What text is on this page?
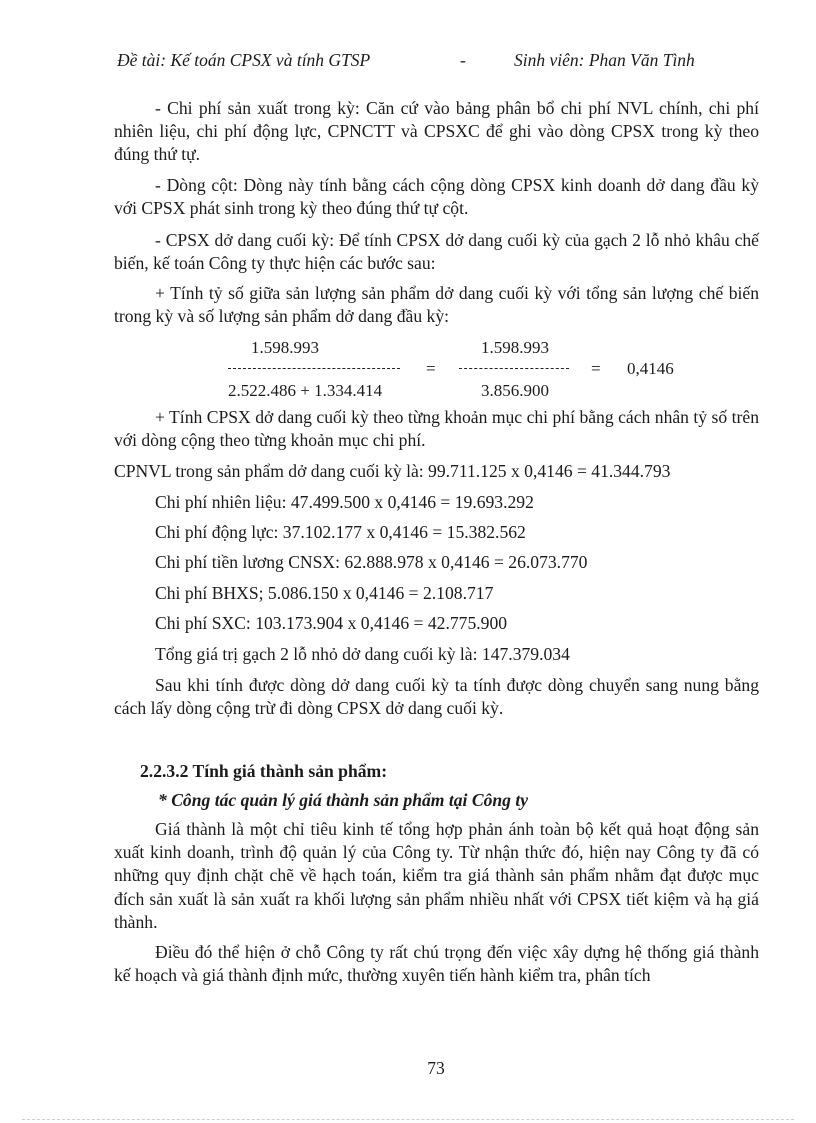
Đề tài: Kế toán CPSX và tính GTSP	-	Sinh viên: Phan Văn Tình

- Chi phí sản xuất trong kỳ: Căn cứ vào bảng phân bổ chi phí NVL chính, chi phí nhiên liệu, chi phí động lực, CPNCTT và CPSXC để ghi vào dòng CPSX trong kỳ theo đúng thứ tự.

- Dòng cột: Dòng này tính bằng cách cộng dòng CPSX kinh doanh dở dang đầu kỳ với CPSX phát sinh trong kỳ theo đúng thứ tự cột.

- CPSX dở dang cuối kỳ: Để tính CPSX dở dang cuối kỳ của gạch 2 lỗ nhỏ khâu chế biến, kế toán Công ty thực hiện các bước sau:

+ Tính tỷ số giữa sản lượng sản phẩm dở dang cuối kỳ với tổng sản lượng chế biến trong kỳ và số lượng sản phẩm dở dang đầu kỳ:

1.598.993
2.522.486 + 1.334.414
=
1.598.993
3.856.900
= 0,4146

+ Tính CPSX dở dang cuối kỳ theo từng khoản mục chi phí bằng cách nhân tỷ số trên với dòng cộng theo từng khoản mục chi phí.

CPNVL trong sản phẩm dở dang cuối kỳ là: 99.711.125 x 0,4146 = 41.344.793
Chi phí nhiên liệu: 47.499.500 x 0,4146 = 19.693.292
Chi phí động lực: 37.102.177 x 0,4146 = 15.382.562
Chi phí tiền lương CNSX: 62.888.978 x 0,4146 = 26.073.770
Chi phí BHXS; 5.086.150 x 0,4146 = 2.108.717
Chi phí SXC: 103.173.904 x 0,4146 = 42.775.900
Tổng giá trị gạch 2 lỗ nhỏ dở dang cuối kỳ là: 147.379.034

Sau khi tính được dòng dở dang cuối kỳ ta tính được dòng chuyển sang nung bằng cách lấy dòng cộng trừ đi dòng CPSX dở dang cuối kỳ.

2.2.3.2 Tính giá thành sản phẩm:
* Công tác quản lý giá thành sản phẩm tại Công ty

Giá thành là một chỉ tiêu kinh tế tổng hợp phản ánh toàn bộ kết quả hoạt động sản xuất kinh doanh, trình độ quản lý của Công ty. Từ nhận thức đó, hiện nay Công ty đã có những quy định chặt chẽ về hạch toán, kiểm tra giá thành sản phẩm nhằm đạt được mục đích sản xuất là sản xuất ra khối lượng sản phẩm nhiều nhất với CPSX tiết kiệm và hạ giá thành.

Điều đó thể hiện ở chỗ Công ty rất chú trọng đến việc xây dựng hệ thống giá thành kế hoạch và giá thành định mức, thường xuyên tiến hành kiểm tra, phân tích

73
